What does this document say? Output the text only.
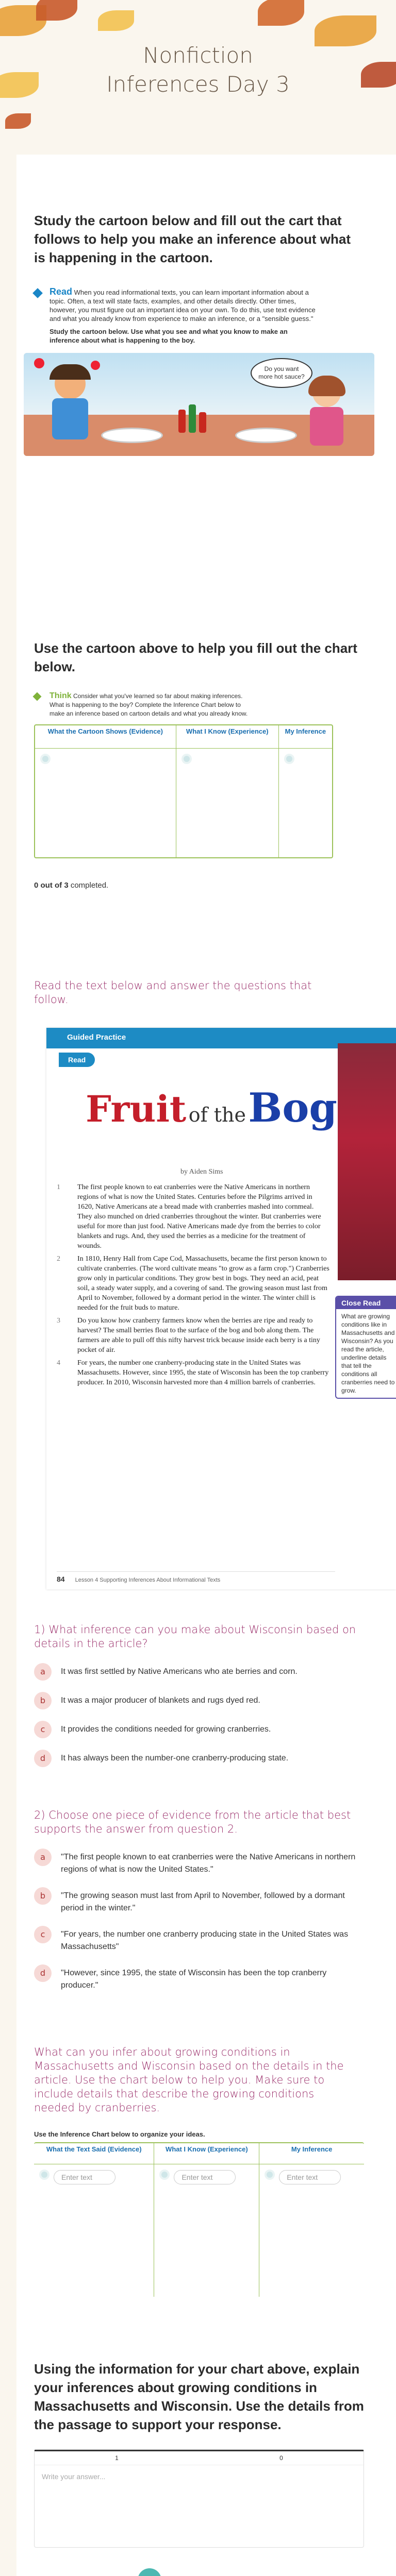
Nonfiction
Inferences Day 3
Study the cartoon below and fill out the cart that follows to help you make an inference about what is happening in the cartoon.

Read When you read informational texts, you can learn important information about a topic. Often, a text will state facts, examples, and other details directly. Other times, however, you must figure out an important idea on your own. To do this, use text evidence and what you already know from experience to make an inference, or a "sensible guess."

Study the cartoon below. Use what you see and what you know to make an inference about what is happening to the boy.

Do you want more hot sauce?
Use the cartoon above to help you fill out the chart below.

Think Consider what you've learned so far about making inferences. What is happening to the boy? Complete the Inference Chart below to make an inference based on cartoon details and what you already know.

What the Cartoon Shows (Evidence)	What I Know (Experience)	My Inference

0 out of 3 completed.

Read the text below and answer the questions that follow.
Guided Practice
Read
Fruit of the Bog
by Aiden Sims
1	The first people known to eat cranberries were the Native Americans in northern regions of what is now the United States. Centuries before the Pilgrims arrived in 1620, Native Americans ate a bread made with cranberries mashed into cornmeal. They also munched on dried cranberries throughout the winter. But cranberries were useful for more than just food. Native Americans made dye from the berries to color blankets and rugs. And, they used the berries as a medicine for the treatment of wounds.
2	In 1810, Henry Hall from Cape Cod, Massachusetts, became the first person known to cultivate cranberries. (The word cultivate means "to grow as a farm crop.") Cranberries grow only in particular conditions. They grow best in bogs. They need an acid, peat soil, a steady water supply, and a covering of sand. The growing season must last from April to November, followed by a dormant period in the winter. The winter chill is needed for the fruit buds to mature.
3	Do you know how cranberry farmers know when the berries are ripe and ready to harvest? The small berries float to the surface of the bog and bob along them. The farmers are able to pull off this nifty harvest trick because inside each berry is a tiny pocket of air.
4	For years, the number one cranberry-producing state in the United States was Massachusetts. However, since 1995, the state of Wisconsin has been the top cranberry producer. In 2010, Wisconsin harvested more than 4 million barrels of cranberries.
Close Read
What are growing conditions like in Massachusetts and Wisconsin? As you read the article, underline details that tell the conditions all cranberries need to grow.
84 Lesson 4 Supporting Inferences About Informational Texts
1) What inference can you make about Wisconsin based on details in the article?
a	It was first settled by Native Americans who ate berries and corn.
b	It was a major producer of blankets and rugs dyed red.
c	It provides the conditions needed for growing cranberries.
d	It has always been the number-one cranberry-producing state.
2) Choose one piece of evidence from the article that best supports the answer from question 2.
a	"The first people known to eat cranberries were the Native Americans in northern regions of what is now the United States."
b	"The growing season must last from April to November, followed by a dormant period in the winter."
c	"For years, the number one cranberry producing state in the United States was Massachusetts"
d	"However, since 1995, the state of Wisconsin has been the top cranberry producer."
What can you infer about growing conditions in Massachusetts and Wisconsin based on the details in the article. Use the chart below to help you. Make sure to include details that describe the growing conditions needed by cranberries.

Use the Inference Chart below to organize your ideas.

What the Text Said (Evidence)	What I Know (Experience)	My Inference
Enter text	Enter text	Enter text
Using the information for your chart above, explain your inferences about growing conditions in Massachusetts and Wisconsin. Use the details from the passage to support your response.
1	0
Write your answer...
